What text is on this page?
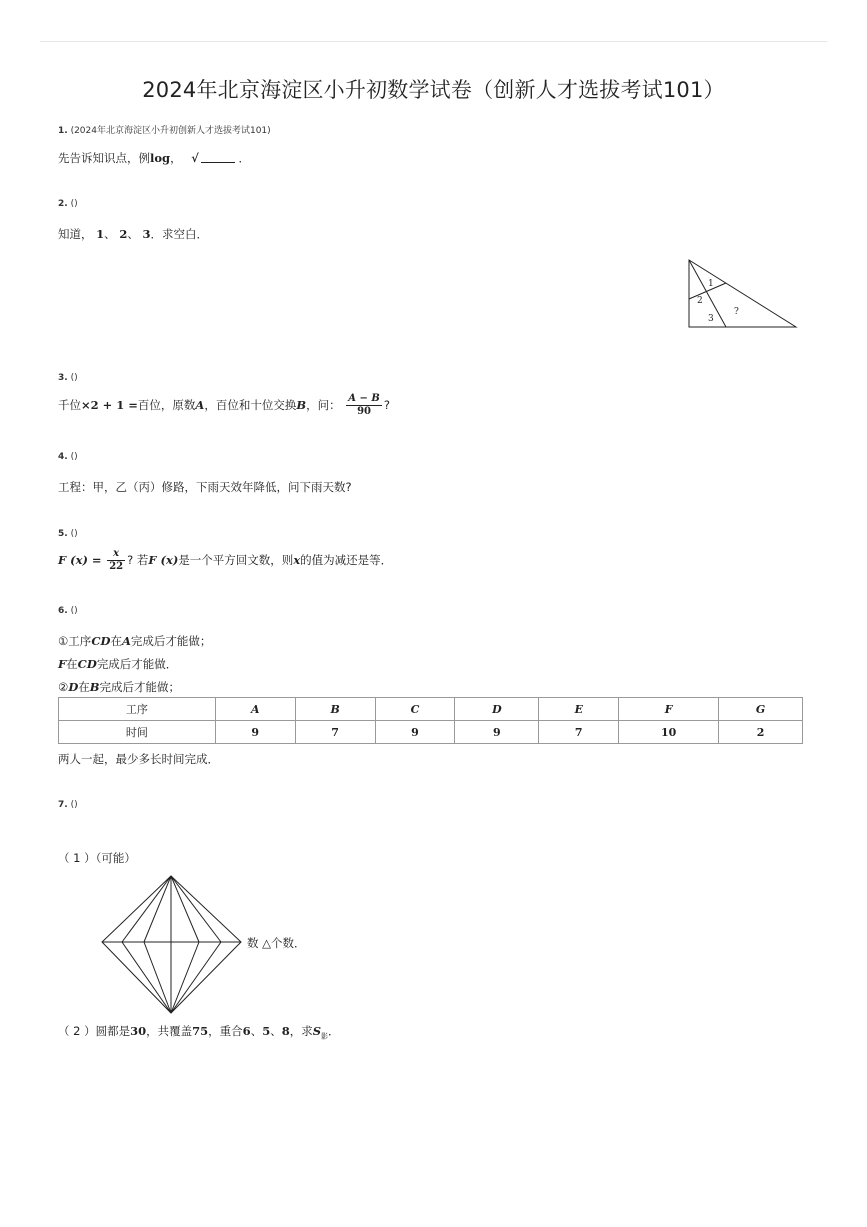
2024年北京海淀区小升初数学试卷（创新人才选拔考试101）
1. (2024年北京海淀区小升初创新人才选拔考试101)
先告诉知识点，例log， √	．
2. ()
知道， 1、 2、 3．求空白．
1
2
3
?
3. ()
千位×2 + 1 =百位，原数A，百位和十位交换B，问： $\frac{A - B}{90}$ ?
4. ()
工程：甲，乙（丙）修路，下雨天效年降低，问下雨天数?
5. ()
F $(x) = \frac{x}{22}$ ? 若F (x)是一个平方回文数，则x的值为减还是等．
6. ()
①工序CD在A完成后才能做；
F在CD完成后才能做．
②D在B完成后才能做；
工序	A	B	C	D	E	F	G
时间	9	7	9	9	7	10	2
两人一起，最少多长时间完成．
7. ()
（ 1 ）（可能）
数 △个数．
（ 2 ）圆都是30，共覆盖75，重合6、5、8，求$S_影$．
